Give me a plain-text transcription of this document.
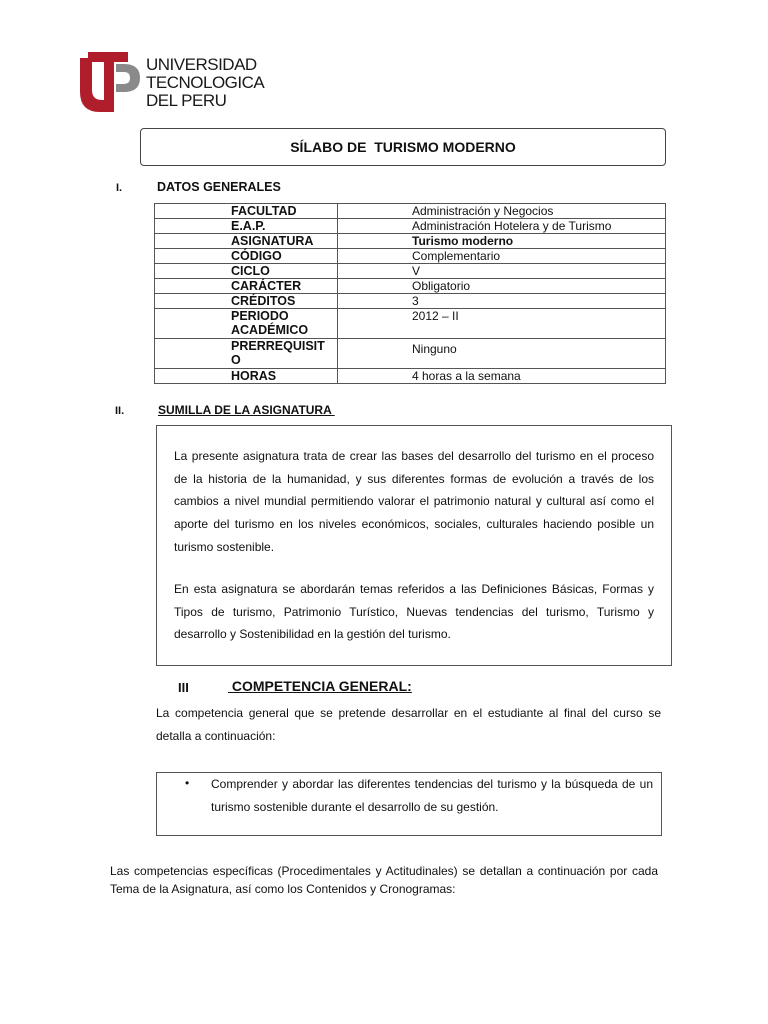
UNIVERSIDAD
TECNOLOGICA
DEL PERU
SÍLABO DE  TURISMO MODERNO
I.	DATOS GENERALES
FACULTAD	Administración y Negocios
E.A.P.	Administración Hotelera y de Turismo
ASIGNATURA	Turismo moderno
CÓDIGO	Complementario
CICLO	V
CARÁCTER	Obligatorio
CRÉDITOS	3

PERIODO
ACADÉMICO	2012 – II

PRERREQUISIT
O	Ninguno
HORAS	4 horas a la semana
II.	SUMILLA DE LA ASIGNATURA
La presente asignatura trata de crear las bases del desarrollo del turismo en el proceso de la historia de la humanidad, y sus diferentes formas de evolución a través de los cambios a nivel mundial permitiendo valorar el patrimonio natural y cultural así como el aporte del turismo en los niveles económicos, sociales, culturales haciendo posible un turismo sostenible.
En esta asignatura se abordarán temas referidos a las Definiciones Básicas, Formas y Tipos de turismo, Patrimonio Turístico, Nuevas tendencias del turismo, Turismo y desarrollo y Sostenibilidad en la gestión del turismo.
III	COMPETENCIA GENERAL:
La competencia general que se pretende desarrollar en el estudiante al final del curso se detalla a continuación:
• Comprender y abordar las diferentes tendencias del turismo y la búsqueda de un turismo sostenible durante el desarrollo de su gestión.
Las competencias específicas (Procedimentales y Actitudinales) se detallan a continuación por cada Tema de la Asignatura, así como los Contenidos y Cronogramas:
